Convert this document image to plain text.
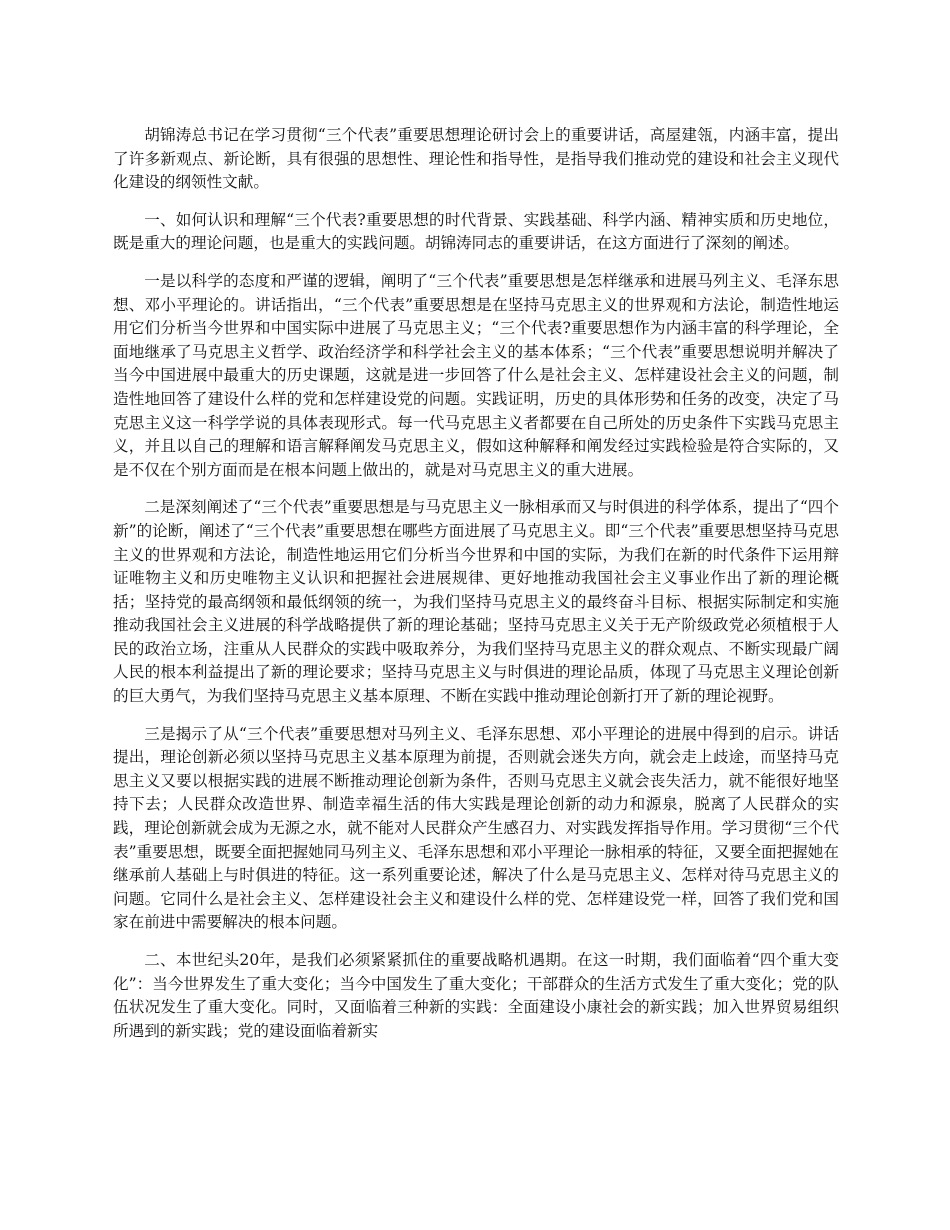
胡锦涛总书记在学习贯彻“三个代表”重要思想理论研讨会上的重要讲话，高屋建瓴，内涵丰富，提出了许多新观点、新论断，具有很强的思想性、理论性和指导性，是指导我们推动党的建设和社会主义现代化建设的纲领性文献。

一、如何认识和理解“三个代表?重要思想的时代背景、实践基础、科学内涵、精神实质和历史地位，既是重大的理论问题，也是重大的实践问题。胡锦涛同志的重要讲话，在这方面进行了深刻的阐述。

一是以科学的态度和严谨的逻辑，阐明了“三个代表”重要思想是怎样继承和进展马列主义、毛泽东思想、邓小平理论的。讲话指出，“三个代表”重要思想是在坚持马克思主义的世界观和方法论，制造性地运用它们分析当今世界和中国实际中进展了马克思主义；“三个代表?重要思想作为内涵丰富的科学理论，全面地继承了马克思主义哲学、政治经济学和科学社会主义的基本体系；“三个代表”重要思想说明并解决了当今中国进展中最重大的历史课题，这就是进一步回答了什么是社会主义、怎样建设社会主义的问题，制造性地回答了建设什么样的党和怎样建设党的问题。实践证明，历史的具体形势和任务的改变，决定了马克思主义这一科学学说的具体表现形式。每一代马克思主义者都要在自己所处的历史条件下实践马克思主义，并且以自己的理解和语言解释阐发马克思主义，假如这种解释和阐发经过实践检验是符合实际的，又是不仅在个别方面而是在根本问题上做出的，就是对马克思主义的重大进展。

二是深刻阐述了“三个代表”重要思想是与马克思主义一脉相承而又与时俱进的科学体系，提出了“四个新”的论断，阐述了“三个代表”重要思想在哪些方面进展了马克思主义。即“三个代表”重要思想坚持马克思主义的世界观和方法论，制造性地运用它们分析当今世界和中国的实际，为我们在新的时代条件下运用辩证唯物主义和历史唯物主义认识和把握社会进展规律、更好地推动我国社会主义事业作出了新的理论概括；坚持党的最高纲领和最低纲领的统一，为我们坚持马克思主义的最终奋斗目标、根据实际制定和实施推动我国社会主义进展的科学战略提供了新的理论基础；坚持马克思主义关于无产阶级政党必须植根于人民的政治立场，注重从人民群众的实践中吸取养分，为我们坚持马克思主义的群众观点、不断实现最广阔人民的根本利益提出了新的理论要求；坚持马克思主义与时俱进的理论品质，体现了马克思主义理论创新的巨大勇气，为我们坚持马克思主义基本原理、不断在实践中推动理论创新打开了新的理论视野。

三是揭示了从“三个代表”重要思想对马列主义、毛泽东思想、邓小平理论的进展中得到的启示。讲话提出，理论创新必须以坚持马克思主义基本原理为前提，否则就会迷失方向，就会走上歧途，而坚持马克思主义又要以根据实践的进展不断推动理论创新为条件，否则马克思主义就会丧失活力，就不能很好地坚持下去；人民群众改造世界、制造幸福生活的伟大实践是理论创新的动力和源泉，脱离了人民群众的实践，理论创新就会成为无源之水，就不能对人民群众产生感召力、对实践发挥指导作用。学习贯彻“三个代表”重要思想，既要全面把握她同马列主义、毛泽东思想和邓小平理论一脉相承的特征，又要全面把握她在继承前人基础上与时俱进的特征。这一系列重要论述，解决了什么是马克思主义、怎样对待马克思主义的问题。它同什么是社会主义、怎样建设社会主义和建设什么样的党、怎样建设党一样，回答了我们党和国家在前进中需要解决的根本问题。

二、本世纪头20年，是我们必须紧紧抓住的重要战略机遇期。在这一时期，我们面临着“四个重大变化”：当今世界发生了重大变化；当今中国发生了重大变化；干部群众的生活方式发生了重大变化；党的队伍状况发生了重大变化。同时，又面临着三种新的实践：全面建设小康社会的新实践；加入世界贸易组织所遇到的新实践；党的建设面临着新实
